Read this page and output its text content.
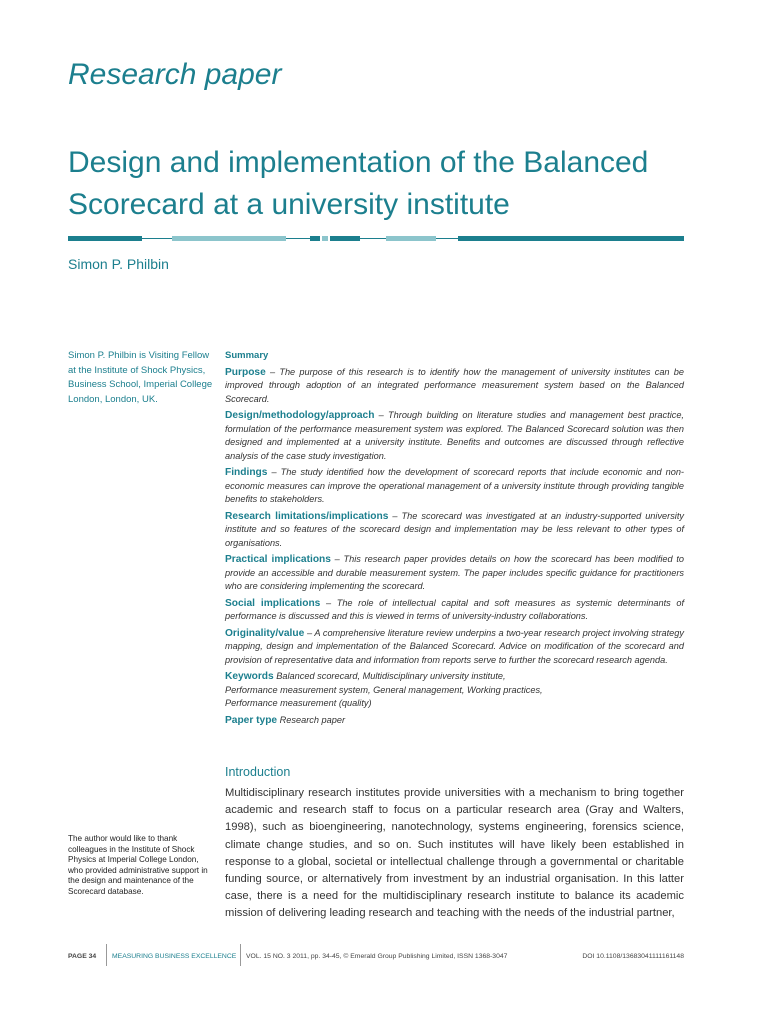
Research paper
Design and implementation of the Balanced Scorecard at a university institute
Simon P. Philbin
Simon P. Philbin is Visiting Fellow at the Institute of Shock Physics, Business School, Imperial College London, London, UK.
Summary
Purpose – The purpose of this research is to identify how the management of university institutes can be improved through adoption of an integrated performance measurement system based on the Balanced Scorecard.
Design/methodology/approach – Through building on literature studies and management best practice, formulation of the performance measurement system was explored. The Balanced Scorecard solution was then designed and implemented at a university institute. Benefits and outcomes are discussed through reflective analysis of the case study investigation.
Findings – The study identified how the development of scorecard reports that include economic and non-economic measures can improve the operational management of a university institute through providing tangible benefits to stakeholders.
Research limitations/implications – The scorecard was investigated at an industry-supported university institute and so features of the scorecard design and implementation may be less relevant to other types of organisations.
Practical implications – This research paper provides details on how the scorecard has been modified to provide an accessible and durable measurement system. The paper includes specific guidance for practitioners who are considering implementing the scorecard.
Social implications – The role of intellectual capital and soft measures as systemic determinants of performance is discussed and this is viewed in terms of university-industry collaborations.
Originality/value – A comprehensive literature review underpins a two-year research project involving strategy mapping, design and implementation of the Balanced Scorecard. Advice on modification of the scorecard and provision of representative data and information from reports serve to further the scorecard research agenda.
Keywords Balanced scorecard, Multidisciplinary university institute,
Performance measurement system, General management, Working practices,
Performance measurement (quality)
Paper type Research paper
Introduction
Multidisciplinary research institutes provide universities with a mechanism to bring together academic and research staff to focus on a particular research area (Gray and Walters, 1998), such as bioengineering, nanotechnology, systems engineering, forensics science, climate change studies, and so on. Such institutes will have likely been established in response to a global, societal or intellectual challenge through a governmental or charitable funding source, or alternatively from investment by an industrial organisation. In this latter case, there is a need for the multidisciplinary research institute to balance its academic mission of delivering leading research and teaching with the needs of the industrial partner,
The author would like to thank colleagues in the Institute of Shock Physics at Imperial College London, who provided administrative support in the design and maintenance of the Scorecard database.
PAGE 34 MEASURING BUSINESS EXCELLENCE VOL. 15 NO. 3 2011, pp. 34-45, © Emerald Group Publishing Limited, ISSN 1368-3047	DOI 10.1108/13683041111161148
